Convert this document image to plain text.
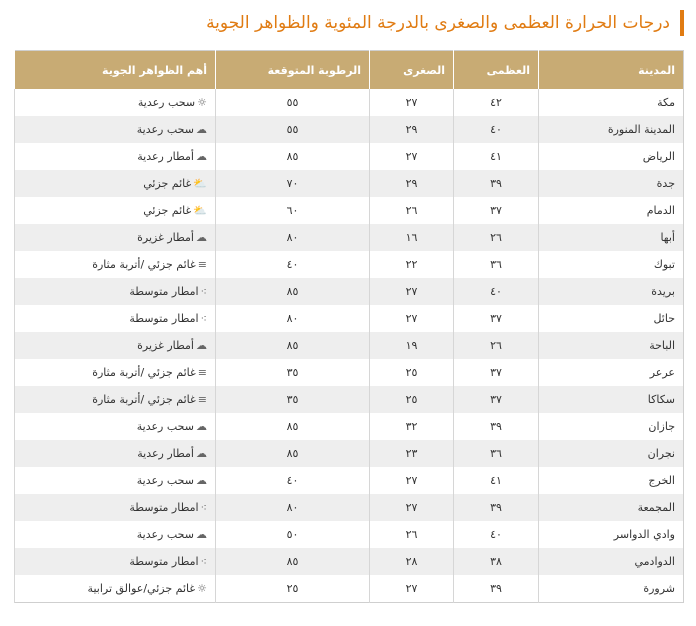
درجات الحرارة العظمى والصغرى بالدرجة المئوية والظواهر الجوية
المدينة	العظمى	الصغرى	الرطوبة المتوقعة	أهم الظواهر الجوية
مكة	٤٢	٢٧	٥٥	☼سحب رعدية
المدينة المنورة	٤٠	٢٩	٥٥	☁سحب رعدية
الرياض	٤١	٢٧	٨٥	☁أمطار رعدية
جدة	٣٩	٢٩	٧٠	⛅غائم جزئي
الدمام	٣٧	٢٦	٦٠	⛅غائم جزئي
أبها	٢٦	١٦	٨٠	☁أمطار غزيرة
تبوك	٣٦	٢٢	٤٠	≡غائم جزئي /أتربة مثارة
بريدة	٤٠	٢٧	٨٥	⁖امطار متوسطة
حائل	٣٧	٢٧	٨٠	⁖امطار متوسطة
الباحة	٢٦	١٩	٨٥	☁أمطار غزيرة
عرعر	٣٧	٢٥	٣٥	≡غائم جزئي /أتربة مثارة
سكاكا	٣٧	٢٥	٣٥	≡غائم جزئي /أتربة مثارة
جازان	٣٩	٣٢	٨٥	☁سحب رعدية
نجران	٣٦	٢٣	٨٥	☁أمطار رعدية
الخرج	٤١	٢٧	٤٠	☁سحب رعدية
المجمعة	٣٩	٢٧	٨٠	⁖امطار متوسطة
وادي الدواسر	٤٠	٢٦	٥٠	☁سحب رعدية
الدوادمي	٣٨	٢٨	٨٥	⁖امطار متوسطة
شرورة	٣٩	٢٧	٢٥	☼غائم جزئي/عوالق ترابية
